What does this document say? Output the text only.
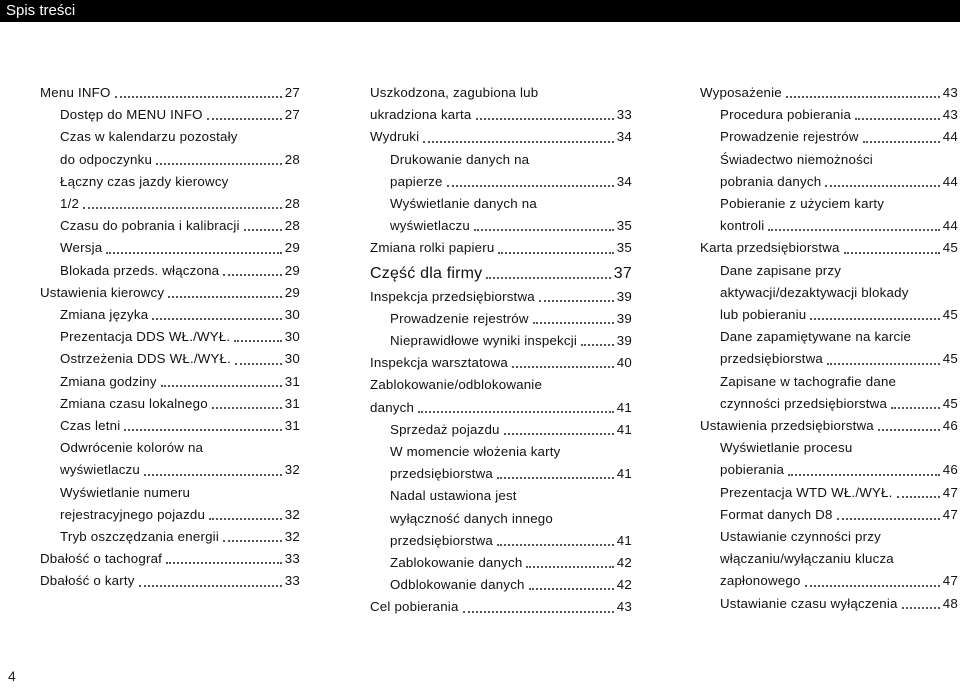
Spis treści
Menu INFO	27
Dostęp do MENU INFO	27
Czas w kalendarzu pozostały
do odpoczynku	28
Łączny czas jazdy kierowcy
1/2	28
Czasu do pobrania i kalibracji	28
Wersja	29
Blokada przeds. włączona	29
Ustawienia kierowcy	29
Zmiana języka	30
Prezentacja DDS WŁ./WYŁ.	30
Ostrzeżenia DDS WŁ./WYŁ.	30
Zmiana godziny	31
Zmiana czasu lokalnego	31
Czas letni	31
Odwrócenie kolorów na
wyświetlaczu	32
Wyświetlanie numeru
rejestracyjnego pojazdu	32
Tryb oszczędzania energii	32
Dbałość o tachograf	33
Dbałość o karty	33
Uszkodzona, zagubiona lub
ukradziona karta	33
Wydruki	34
Drukowanie danych na
papierze	34
Wyświetlanie danych na
wyświetlaczu	35
Zmiana rolki papieru	35
Część dla firmy	37
Inspekcja przedsiębiorstwa	39
Prowadzenie rejestrów	39
Nieprawidłowe wyniki inspekcji	39
Inspekcja warsztatowa	40
Zablokowanie/odblokowanie
danych	41
Sprzedaż pojazdu	41
W momencie włożenia karty
przedsiębiorstwa	41
Nadal ustawiona jest
wyłączność danych innego
przedsiębiorstwa	41
Zablokowanie danych	42
Odblokowanie danych	42
Cel pobierania	43
Wyposażenie	43
Procedura pobierania	43
Prowadzenie rejestrów	44
Świadectwo niemożności
pobrania danych	44
Pobieranie z użyciem karty
kontroli	44
Karta przedsiębiorstwa	45
Dane zapisane przy
aktywacji/dezaktywacji blokady
lub pobieraniu	45
Dane zapamiętywane na karcie
przedsiębiorstwa	45
Zapisane w tachografie dane
czynności przedsiębiorstwa	45
Ustawienia przedsiębiorstwa	46
Wyświetlanie procesu
pobierania	46
Prezentacja WTD WŁ./WYŁ.	47
Format danych D8	47
Ustawianie czynności przy
włączaniu/wyłączaniu klucza
zapłonowego	47
Ustawianie czasu wyłączenia	48
4
